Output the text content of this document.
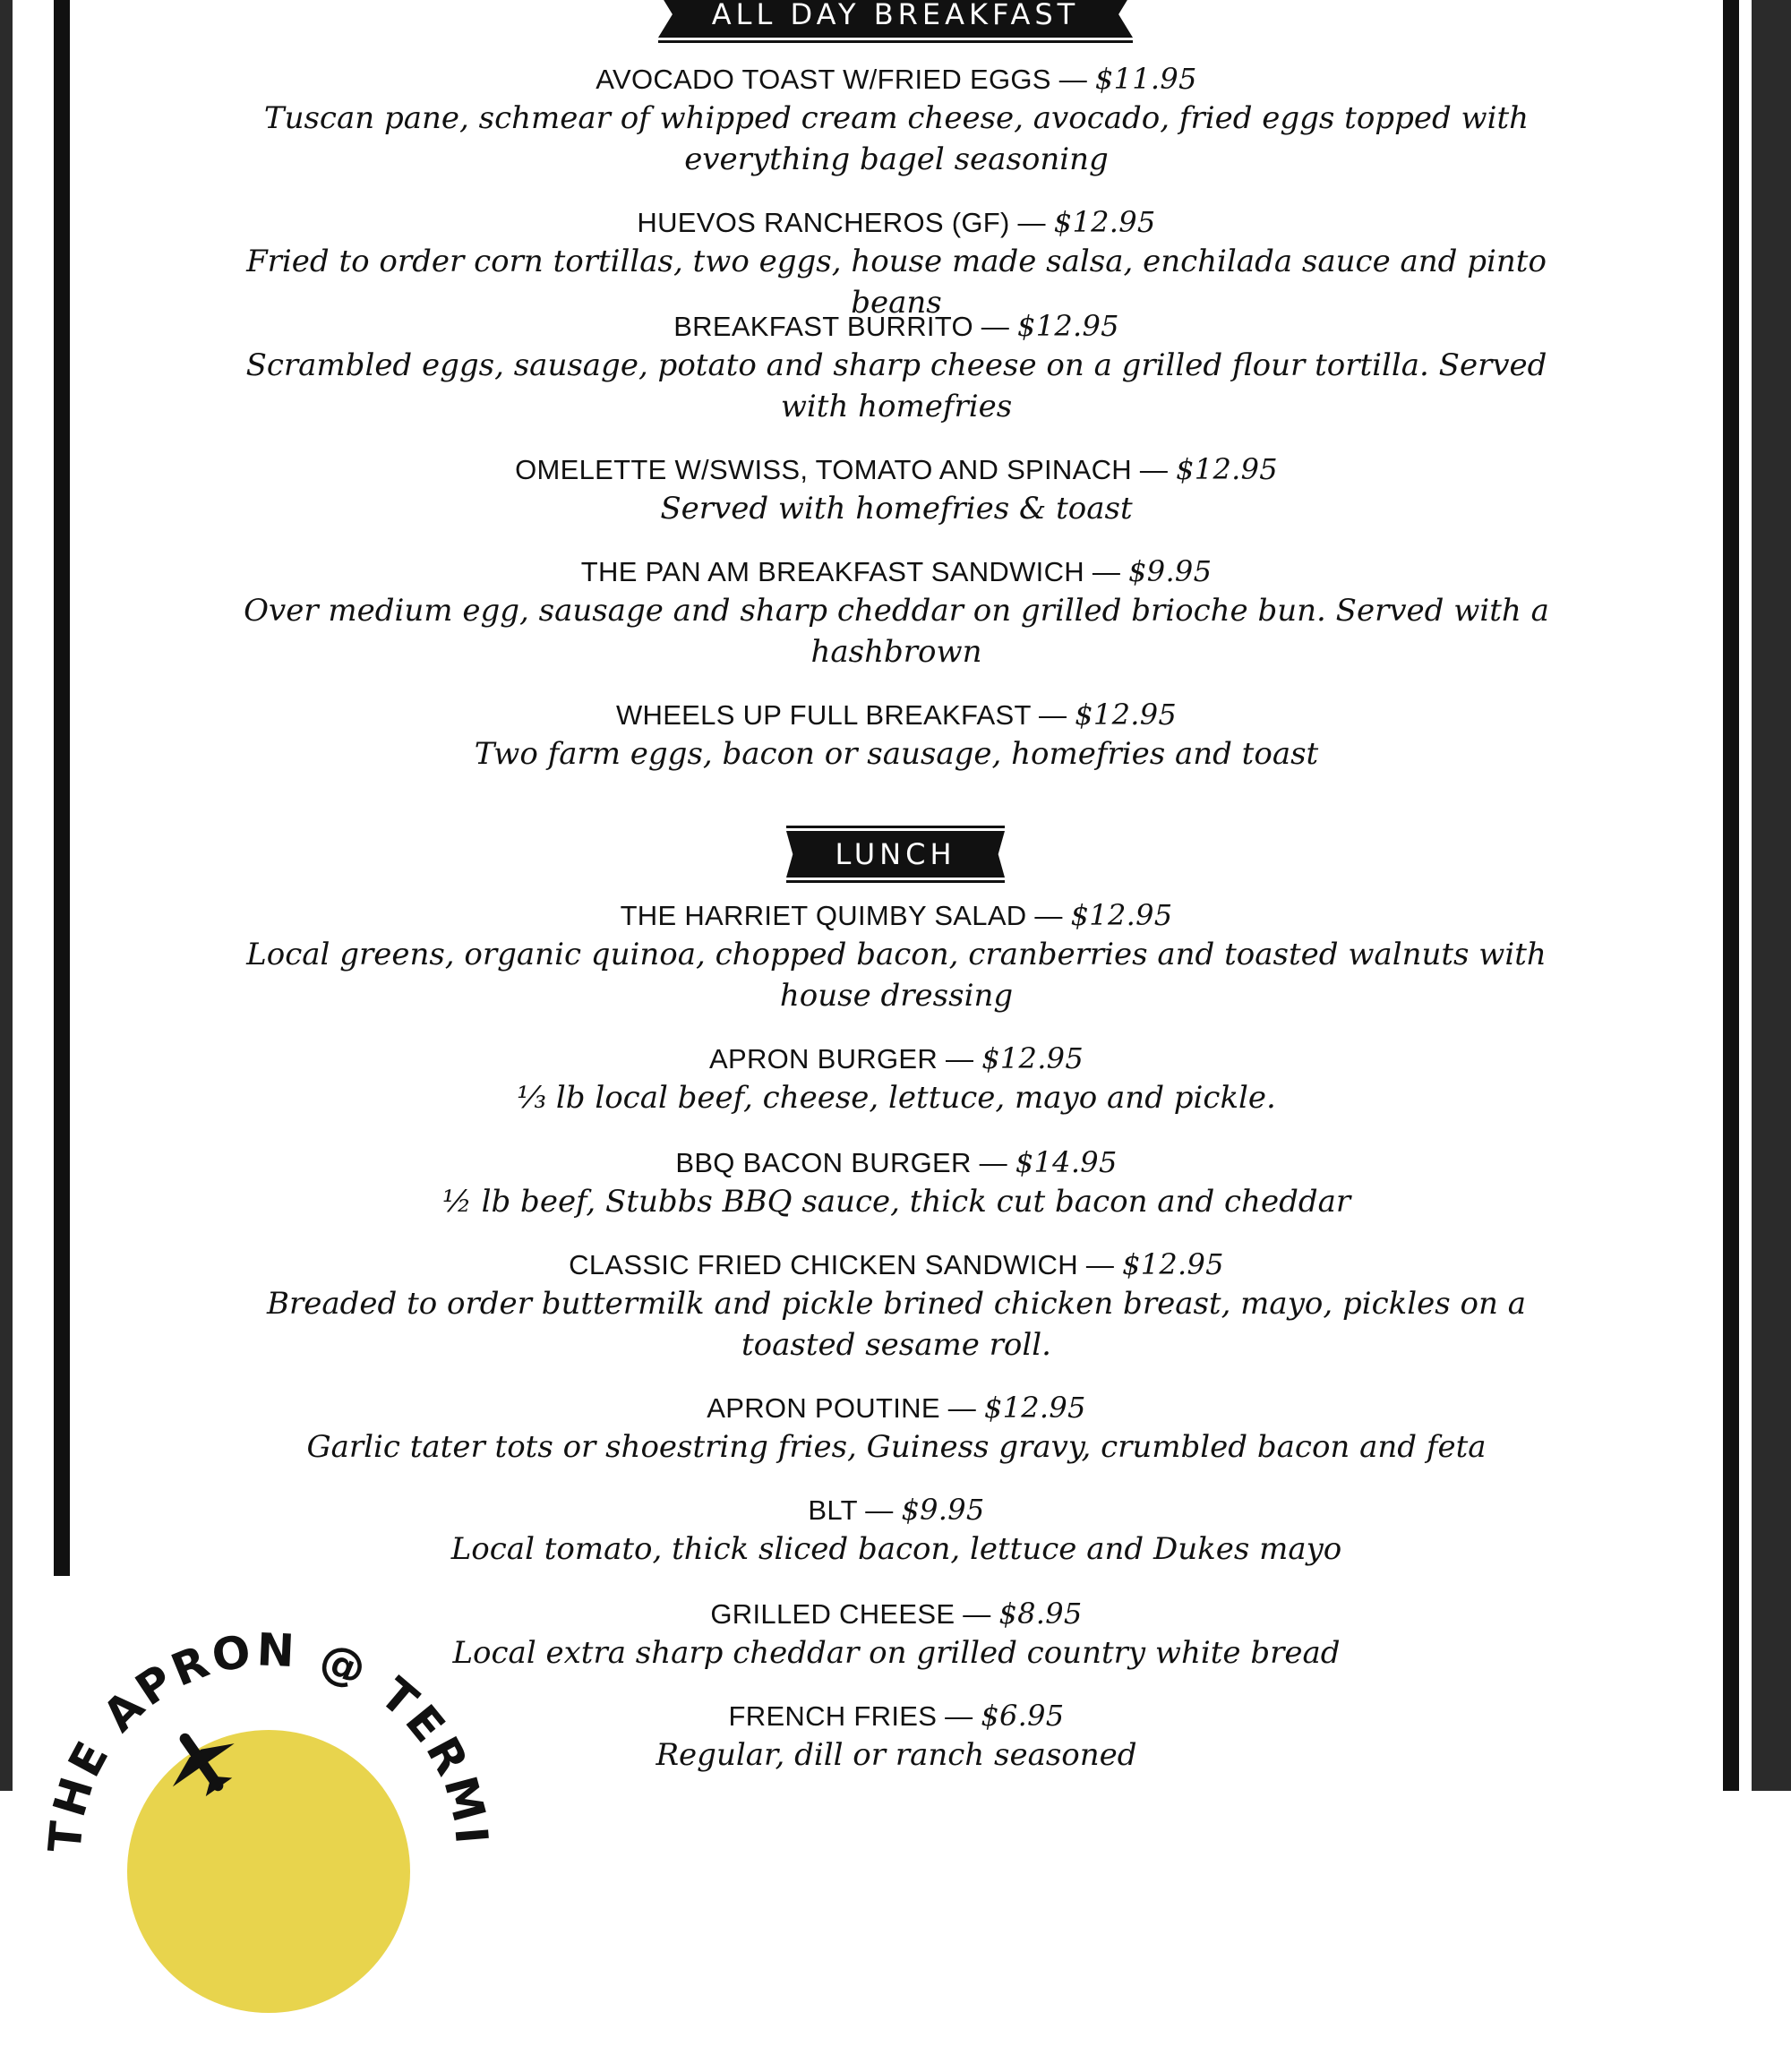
ALL DAY BREAKFAST
AVOCADO TOAST W/FRIED EGGS — $11.95
Tuscan pane, schmear of whipped cream cheese, avocado, fried eggs topped with everything bagel seasoning
HUEVOS RANCHEROS (GF) — $12.95
Fried to order corn tortillas, two eggs, house made salsa, enchilada sauce and pinto beans
BREAKFAST BURRITO — $12.95
Scrambled eggs, sausage, potato and sharp cheese on a grilled flour tortilla. Served with homefries
OMELETTE W/SWISS, TOMATO AND SPINACH — $12.95
Served with homefries & toast
THE PAN AM BREAKFAST SANDWICH — $9.95
Over medium egg, sausage and sharp cheddar on grilled brioche bun. Served with a hashbrown
WHEELS UP FULL BREAKFAST — $12.95
Two farm eggs, bacon or sausage, homefries and toast
LUNCH
THE HARRIET QUIMBY SALAD — $12.95
Local greens, organic quinoa, chopped bacon, cranberries and toasted walnuts with house dressing
APRON BURGER — $12.95
⅓ lb local beef, cheese, lettuce, mayo and pickle.
BBQ BACON BURGER — $14.95
½ lb beef, Stubbs BBQ sauce, thick cut bacon and cheddar
CLASSIC FRIED CHICKEN SANDWICH — $12.95
Breaded to order buttermilk and pickle brined chicken breast, mayo, pickles on a toasted sesame roll.
APRON POUTINE — $12.95
Garlic tater tots or shoestring fries, Guiness gravy, crumbled bacon and feta
BLT — $9.95
Local tomato, thick sliced bacon, lettuce and Dukes mayo
GRILLED CHEESE — $8.95
Local extra sharp cheddar on grilled country white bread
FRENCH FRIES — $6.95
Regular, dill or ranch seasoned
THE APRON @ TERMI
